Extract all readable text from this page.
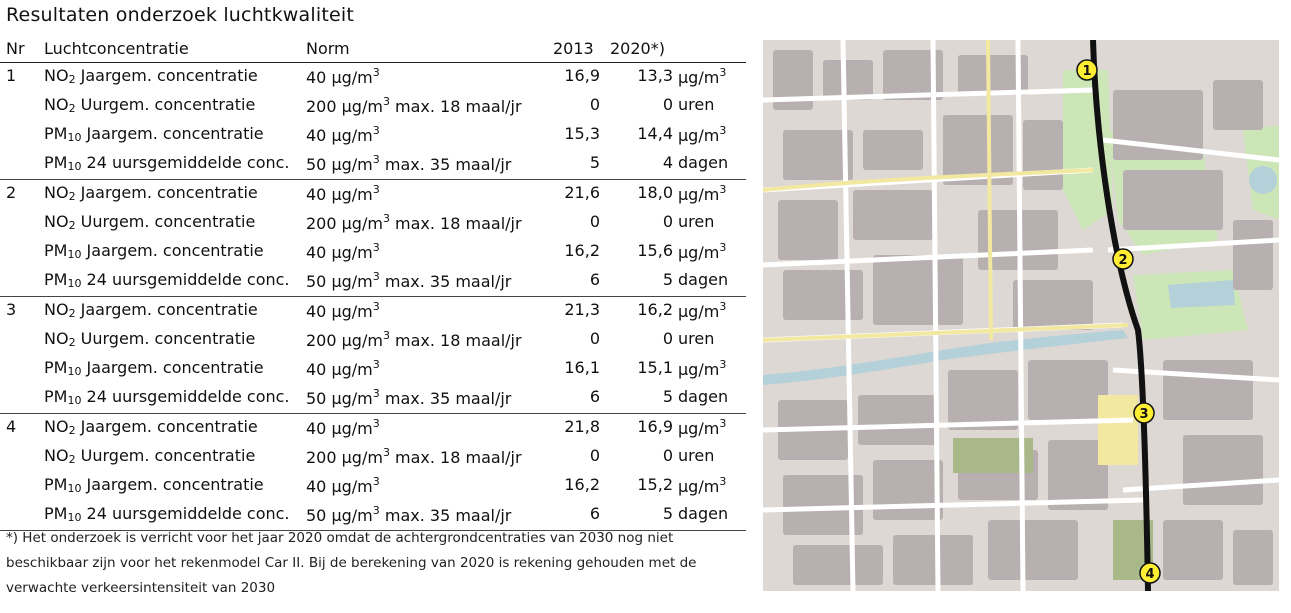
Resultaten onderzoek luchtkwaliteit
Nr Luchtconcentratie	Norm	2013 2020*)
1 NO2 Jaargem. concentratie	40 $\mu g/m^3$	16,9	13,3 $\mu g/m^3$
NO2 Uurgem. concentratie	200 $\mu g/m^3$ max. 18 maal/jr	0	0 uren
PM10 Jaargem. concentratie	40 $\mu g/m^3$	15,3	14,4 $\mu g/m^3$
PM10 24 uursgemiddelde conc. 50 $\mu g/m^3$ max. 35 maal/jr	5	4 dagen
2 NO2 Jaargem. concentratie	40 $\mu g/m^3$	21,6	18,0 $\mu g/m^3$
NO2 Uurgem. concentratie	200 $\mu g/m^3$ max. 18 maal/jr	0	0 uren
PM10 Jaargem. concentratie	40 $\mu g/m^3$	16,2	15,6 $\mu g/m^3$
PM10 24 uursgemiddelde conc. 50 $\mu g/m^3$ max. 35 maal/jr	6	5 dagen
3 NO2 Jaargem. concentratie	40 $\mu g/m^3$	21,3	16,2 $\mu g/m^3$
NO2 Uurgem. concentratie	200 $\mu g/m^3$ max. 18 maal/jr	0	0 uren
PM10 Jaargem. concentratie	40 $\mu g/m^3$	16,1	15,1 $\mu g/m^3$
PM10 24 uursgemiddelde conc. 50 $\mu g/m^3$ max. 35 maal/jr	6	5 dagen
4 NO2 Jaargem. concentratie	40 $\mu g/m^3$	21,8	16,9 $\mu g/m^3$
NO2 Uurgem. concentratie	200 $\mu g/m^3$ max. 18 maal/jr	0	0 uren
PM10 Jaargem. concentratie	40 $\mu g/m^3$	16,2	15,2 $\mu g/m^3$
PM10 24 uursgemiddelde conc. 50 $\mu g/m^3$ max. 35 maal/jr	6	5 dagen
*) Het onderzoek is verricht voor het jaar 2020 omdat de achtergrondcentraties van 2030 nog niet beschikbaar zijn voor het rekenmodel Car II. Bij de berekening van 2020 is rekening gehouden met de verwachte verkeersintensiteit van 2030
1
2
3
4
